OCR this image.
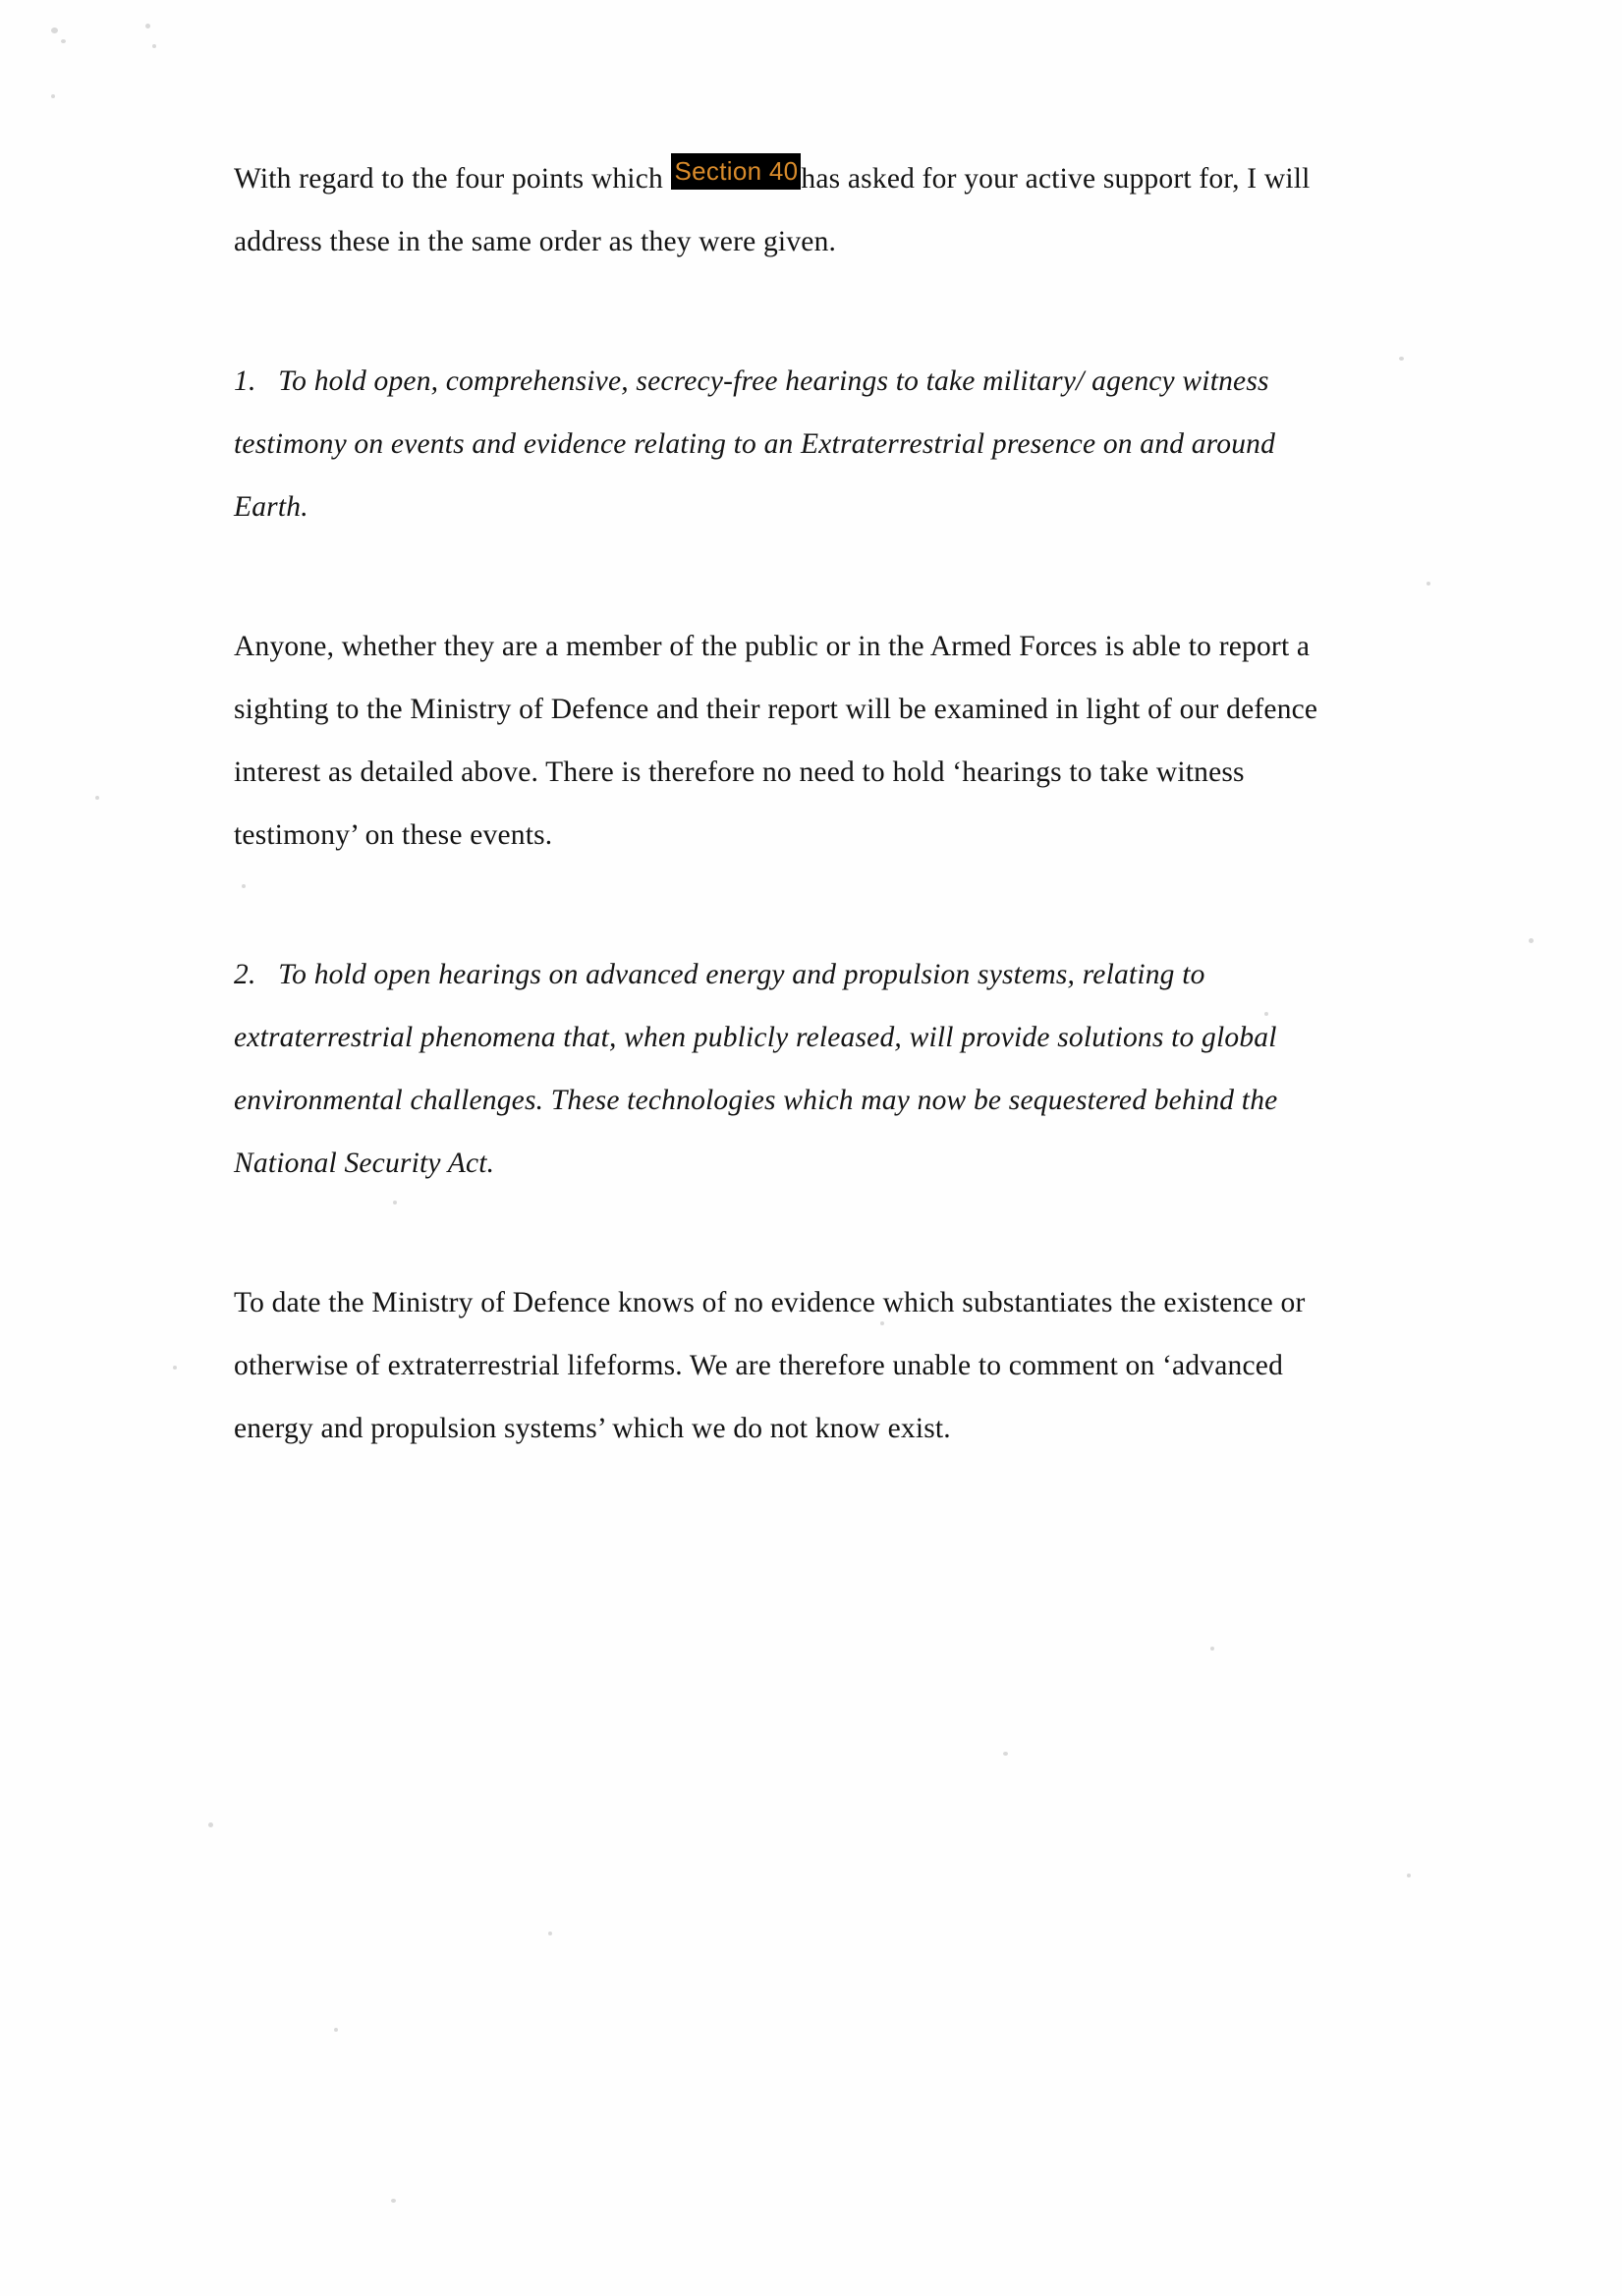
With regard to the four points which Section 40 has asked for your active support for, I will address these in the same order as they were given.

1. To hold open, comprehensive, secrecy-free hearings to take military/ agency witness testimony on events and evidence relating to an Extraterrestrial presence on and around Earth.

Anyone, whether they are a member of the public or in the Armed Forces is able to report a sighting to the Ministry of Defence and their report will be examined in light of our defence interest as detailed above. There is therefore no need to hold ‘hearings to take witness testimony’ on these events.

2. To hold open hearings on advanced energy and propulsion systems, relating to extraterrestrial phenomena that, when publicly released, will provide solutions to global environmental challenges. These technologies which may now be sequestered behind the National Security Act.

To date the Ministry of Defence knows of no evidence which substantiates the existence or otherwise of extraterrestrial lifeforms. We are therefore unable to comment on ‘advanced energy and propulsion systems’ which we do not know exist.
